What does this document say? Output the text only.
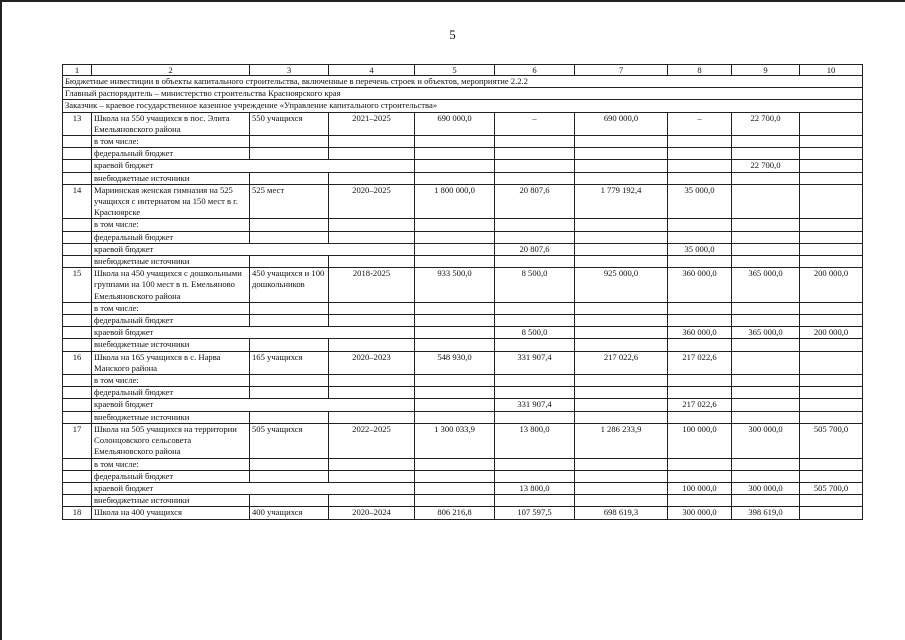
5
1	2	3	4	5	6	7	8	9	10
Бюджетные инвестиции в объекты капитального строительства, включенные в перечень строек и объектов, мероприятие 2.2.2									
Главный распорядитель – министерство строительства Красноярского края									
Заказчик – краевое государственное казенное учреждение «Управление капитального строительства»									
13	Школа на 550 учащихся в пос. Элита Емельяновского района	550 учащихся	2021–2025	690 000,0	–	690 000,0	–	22 700,0	
	в том числе:								
	федеральный бюджет								
	краевой бюджет							22 700,0	
	внебюджетные источники								
14	Мариинская женская гимназия на 525 учащихся с интернатом на 150 мест в г. Красноярске	525 мест	2020–2025	1 800 000,0	20 807,6	1 779 192,4	35 000,0		
	в том числе:								
	федеральный бюджет								
	краевой бюджет				20 807,6		35 000,0		
	внебюджетные источники								
15	Школа на 450 учащихся с дошкольными группами на 100 мест в п. Емельяново Емельяновского района	450 учащихся и 100 дошкольников	2018-2025	933 500,0	8 500,0	925 000,0	360 000,0	365 000,0	200 000,0
	в том числе:								
	федеральный бюджет								
	краевой бюджет				8 500,0		360 000,0	365 000,0	200 000,0
	внебюджетные источники								
16	Школа на 165 учащихся в с. Нарва Манского района	165 учащихся	2020–2023	548 930,0	331 907,4	217 022,6	217 022,6		
	в том числе:								
	федеральный бюджет								
	краевой бюджет				331 907,4		217 022,6		
	внебюджетные источники								
17	Школа на 505 учащихся на территории Солонцовского сельсовета Емельяновского района	505 учащихся	2022–2025	1 300 033,9	13 800,0	1 286 233,9	100 000,0	300 000,0	505 700,0
	в том числе:								
	федеральный бюджет								
	краевой бюджет				13 800,0		100 000,0	300 000,0	505 700,0
	внебюджетные источники								
18	Школа на 400 учащихся	400 учащихся	2020–2024	806 216,8	107 597,5	698 619,3	300 000,0	398 619,0	
